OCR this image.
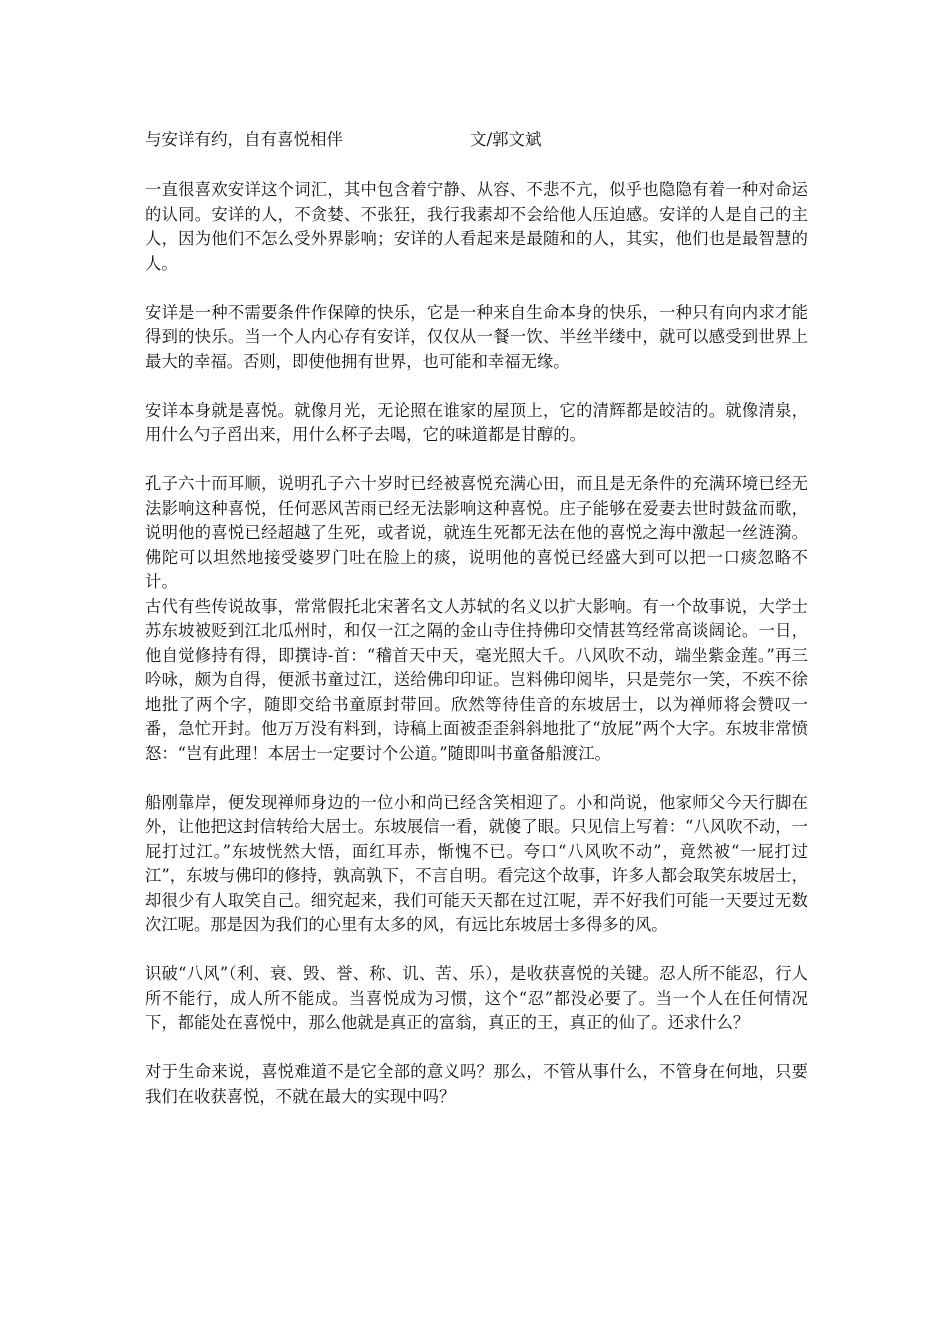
与安详有约，自有喜悦相伴	文/郭文斌

一直很喜欢安详这个词汇，其中包含着宁静、从容、不悲不亢，似乎也隐隐有着一种对命运的认同。安详的人，不贪婪、不张狂，我行我素却不会给他人压迫感。安详的人是自己的主人，因为他们不怎么受外界影响；安详的人看起来是最随和的人，其实，他们也是最智慧的人。

安详是一种不需要条件作保障的快乐，它是一种来自生命本身的快乐，一种只有向内求才能得到的快乐。当一个人内心存有安详，仅仅从一餐一饮、半丝半缕中，就可以感受到世界上最大的幸福。否则，即使他拥有世界，也可能和幸福无缘。

安详本身就是喜悦。就像月光，无论照在谁家的屋顶上，它的清辉都是皎洁的。就像清泉，用什么勺子舀出来，用什么杯子去喝，它的味道都是甘醇的。

孔子六十而耳顺，说明孔子六十岁时已经被喜悦充满心田，而且是无条件的充满环境已经无法影响这种喜悦，任何恶风苦雨已经无法影响这种喜悦。庄子能够在爱妻去世时鼓盆而歌，说明他的喜悦已经超越了生死，或者说，就连生死都无法在他的喜悦之海中激起一丝涟漪。佛陀可以坦然地接受婆罗门吐在脸上的痰，说明他的喜悦已经盛大到可以把一口痰忽略不计。

古代有些传说故事，常常假托北宋著名文人苏轼的名义以扩大影响。有一个故事说，大学士苏东坡被贬到江北瓜州时，和仅一江之隔的金山寺住持佛印交情甚笃经常高谈阔论。一日，他自觉修持有得，即撰诗-首：“稽首天中天，毫光照大千。八风吹不动，端坐紫金莲。”再三吟咏，颇为自得，便派书童过江，送给佛印印证。岂料佛印阅毕，只是莞尔一笑，不疾不徐地批了两个字，随即交给书童原封带回。欣然等待佳音的东坡居士，以为禅师将会赞叹一番，急忙开封。他万万没有料到，诗稿上面被歪歪斜斜地批了“放屁”两个大字。东坡非常愤怒：“岂有此理！本居士一定要讨个公道。”随即叫书童备船渡江。

船刚靠岸，便发现禅师身边的一位小和尚已经含笑相迎了。小和尚说，他家师父今天行脚在外，让他把这封信转给大居士。东坡展信一看，就傻了眼。只见信上写着：“八风吹不动，一屁打过江。”东坡恍然大悟，面红耳赤，惭愧不已。夸口“八风吹不动”，竟然被“一屁打过江”，东坡与佛印的修持，孰高孰下，不言自明。看完这个故事，许多人都会取笑东坡居士，却很少有人取笑自己。细究起来，我们可能天天都在过江呢，弄不好我们可能一天要过无数次江呢。那是因为我们的心里有太多的风，有远比东坡居士多得多的风。

识破“八风”（利、衰、毁、誉、称、讥、苦、乐），是收获喜悦的关键。忍人所不能忍，行人所不能行，成人所不能成。当喜悦成为习惯，这个“忍”都没必要了。当一个人在任何情况下，都能处在喜悦中，那么他就是真正的富翁，真正的王，真正的仙了。还求什么？

对于生命来说，喜悦难道不是它全部的意义吗？那么，不管从事什么，不管身在何地，只要我们在收获喜悦，不就在最大的实现中吗？
